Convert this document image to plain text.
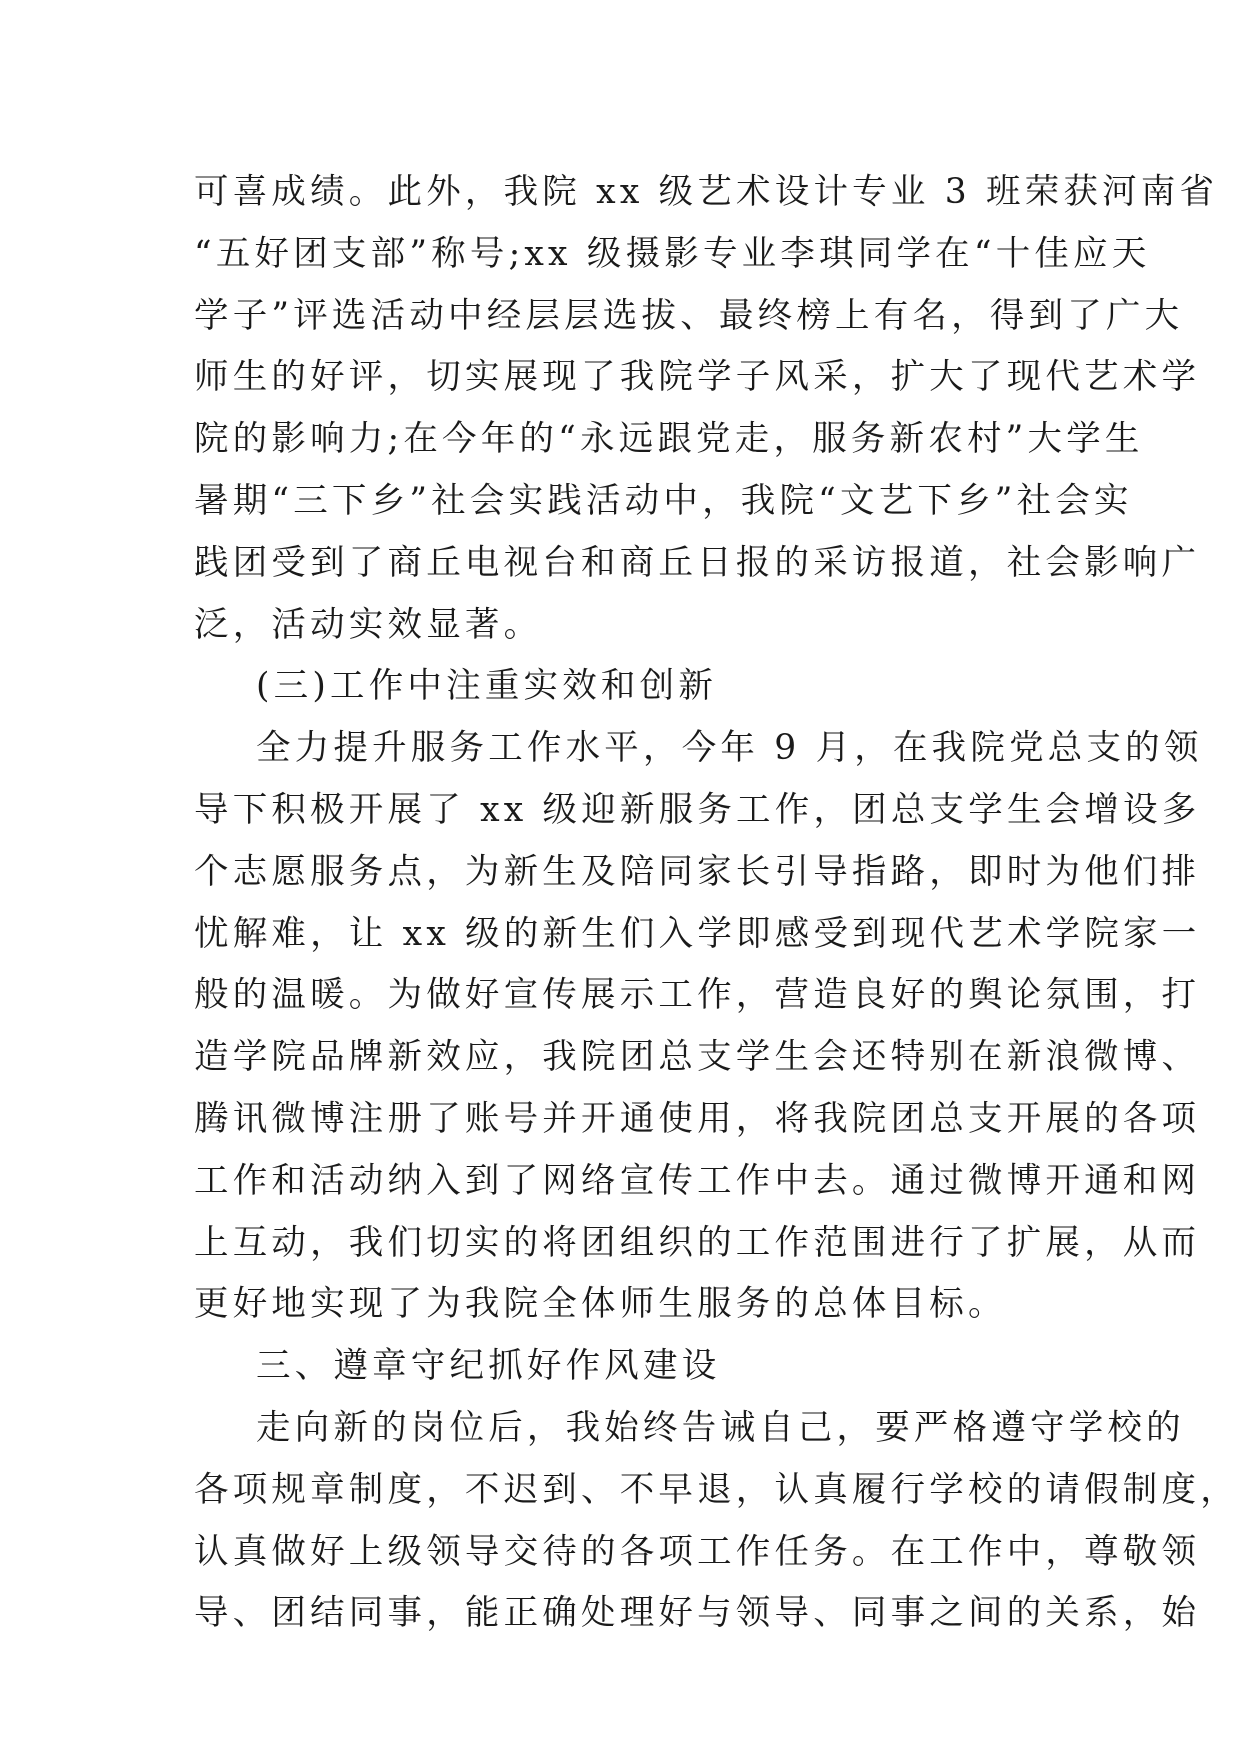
可喜成绩。此外，我院 xx 级艺术设计专业 3 班荣获河南省

“五好团支部”称号;xx 级摄影专业李琪同学在“十佳应天

学子”评选活动中经层层选拔、最终榜上有名，得到了广大

师生的好评，切实展现了我院学子风采，扩大了现代艺术学

院的影响力;在今年的“永远跟党走，服务新农村”大学生

暑期“三下乡”社会实践活动中，我院“文艺下乡”社会实

践团受到了商丘电视台和商丘日报的采访报道，社会影响广

泛，活动实效显著。

(三)工作中注重实效和创新

全力提升服务工作水平，今年 9 月，在我院党总支的领

导下积极开展了 xx 级迎新服务工作，团总支学生会增设多

个志愿服务点，为新生及陪同家长引导指路，即时为他们排

忧解难，让 xx 级的新生们入学即感受到现代艺术学院家一

般的温暖。为做好宣传展示工作，营造良好的舆论氛围，打

造学院品牌新效应，我院团总支学生会还特别在新浪微博、

腾讯微博注册了账号并开通使用，将我院团总支开展的各项

工作和活动纳入到了网络宣传工作中去。通过微博开通和网

上互动，我们切实的将团组织的工作范围进行了扩展，从而

更好地实现了为我院全体师生服务的总体目标。

三、遵章守纪抓好作风建设

走向新的岗位后，我始终告诫自己，要严格遵守学校的

各项规章制度，不迟到、不早退，认真履行学校的请假制度，

认真做好上级领导交待的各项工作任务。在工作中，尊敬领

导、团结同事，能正确处理好与领导、同事之间的关系，始
